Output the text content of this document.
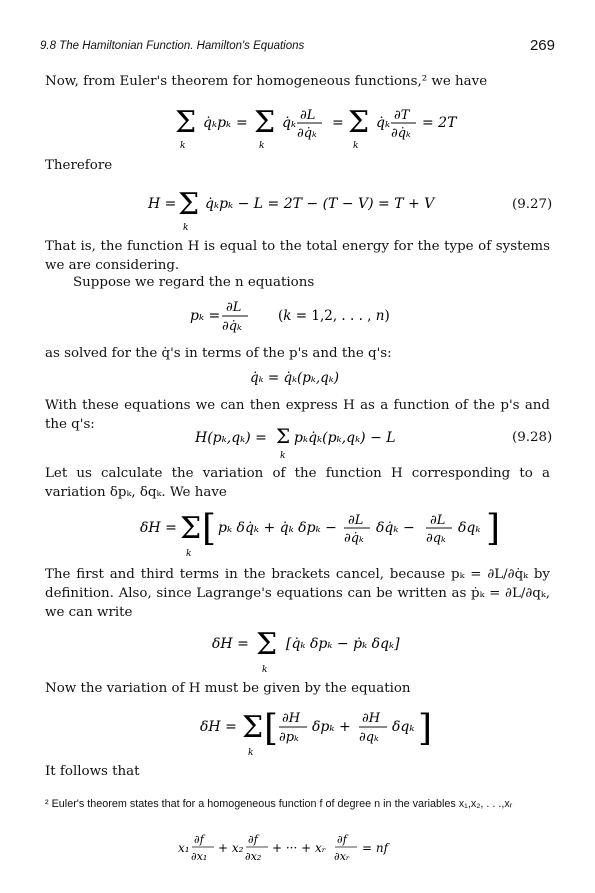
9.8 The Hamiltonian Function. Hamilton's Equations	269

Now, from Euler's theorem for homogeneous functions,² we have

Σ
k
q̇ₖpₖ = Σ
k
q̇ₖ ∂L
∂q̇ₖ
= Σ
k
q̇ₖ ∂T
∂q̇ₖ
= 2T

Therefore

H = Σ
k
q̇ₖpₖ − L = 2T − (T − V) = T + V	(9.27)

That is, the function H is equal to the total energy for the type of systems we are considering.

Suppose we regard the n equations

pₖ =
∂L
∂q̇ₖ
(k = 1,2, . . . , n)

as solved for the q̇'s in terms of the p's and the q's:

q̇ₖ = q̇ₖ(pₖ,qₖ)

With these equations we can then express H as a function of the p's and the q's:

H(pₖ,qₖ) = Σ
k
pₖq̇ₖ(pₖ,qₖ) − L	(9.28)

Let us calculate the variation of the function H corresponding to a variation δpₖ, δqₖ. We have

δH = Σ
k
[ pₖ δq̇ₖ + q̇ₖ δpₖ − ∂L
∂q̇ₖ
δq̇ₖ − ∂L
∂qₖ
δqₖ ]

The first and third terms in the brackets cancel, because pₖ = ∂L/∂q̇ₖ by definition. Also, since Lagrange's equations can be written as ṗₖ = ∂L/∂qₖ, we can write

δH = Σ
k
[q̇ₖ δpₖ − ṗₖ δqₖ]

Now the variation of H must be given by the equation

δH = Σ
k
[ ∂H
∂pₖ
δpₖ +
∂H
∂qₖ
δqₖ ]

It follows that

² Euler's theorem states that for a homogeneous function f of degree n in the variables x₁,x₂, . . .,xᵣ
x₁
∂f
∂x₁
+ x₂
∂f
∂x₂
+ ··· + xᵣ
∂f
∂xᵣ
= nf
